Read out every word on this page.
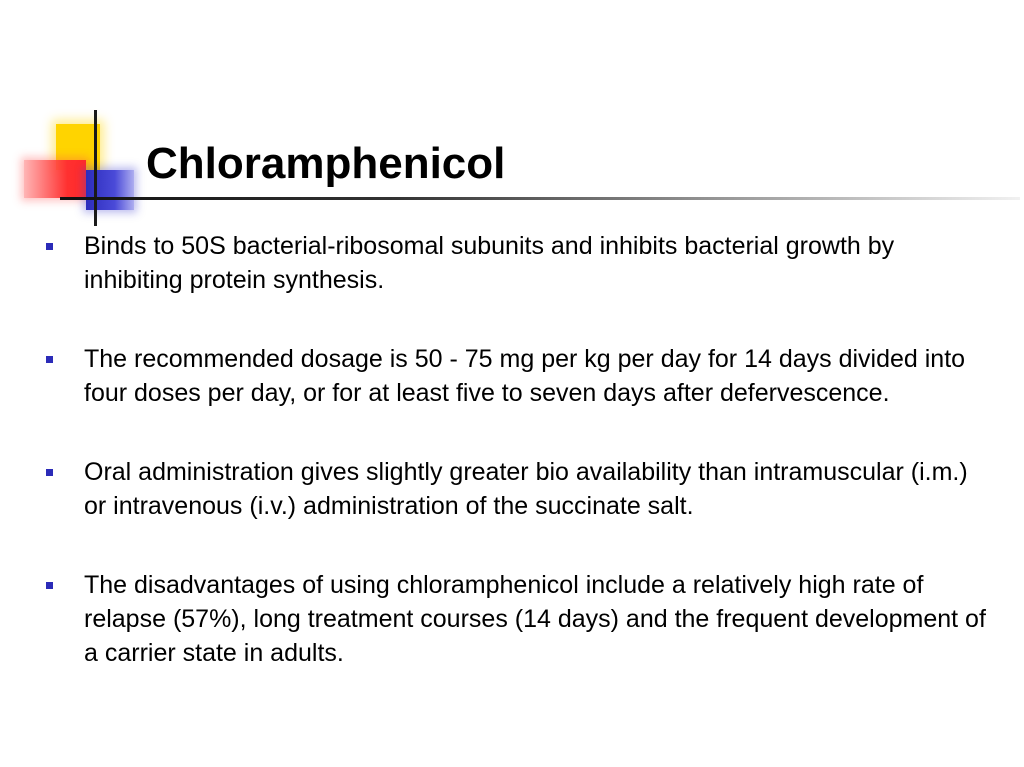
Chloramphenicol
Binds to 50S bacterial-ribosomal subunits and inhibits bacterial growth by inhibiting protein synthesis.
The recommended dosage is 50 - 75 mg per kg per day for 14 days divided into four doses per day, or for at least five to seven days after defervescence.
Oral administration gives slightly greater bio availability than intramuscular (i.m.) or intravenous (i.v.) administration of the succinate salt.
The disadvantages of using chloramphenicol include a relatively high rate of relapse (57%), long treatment courses (14 days) and the frequent development of a carrier state in adults.
